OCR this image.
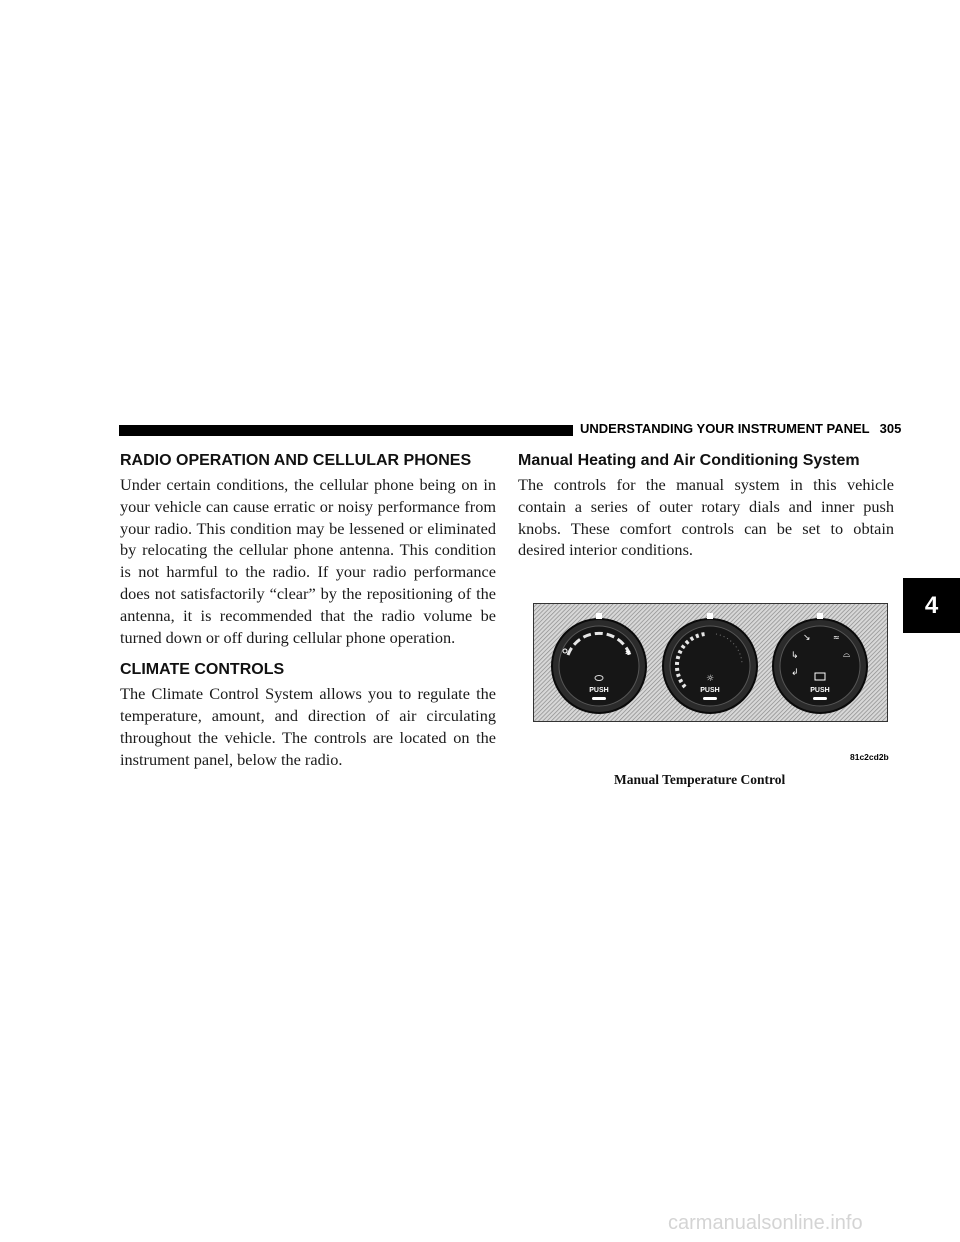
UNDERSTANDING YOUR INSTRUMENT PANEL 305
RADIO OPERATION AND CELLULAR PHONES

Under certain conditions, the cellular phone being on in your vehicle can cause erratic or noisy performance from your radio. This condition may be lessened or eliminated by relocating the cellular phone antenna. This condition is not harmful to the radio. If your radio performance does not satisfactorily “clear” by the repositioning of the antenna, it is recommended that the radio volume be turned down or off during cellular phone operation.

CLIMATE CONTROLS

The Climate Control System allows you to regulate the temperature, amount, and direction of air circulating throughout the vehicle. The controls are located on the instrument panel, below the radio.

Manual Heating and Air Conditioning System

The controls for the manual system in this vehicle contain a series of outer rotary dials and inner push knobs. These comfort controls can be set to obtain desired interior conditions.

4
✱
PUSH
☼
PUSH
↘
↳
↲
≈
⌓
PUSH
81c2cd2b
Manual Temperature Control
carmanualsonline.info
